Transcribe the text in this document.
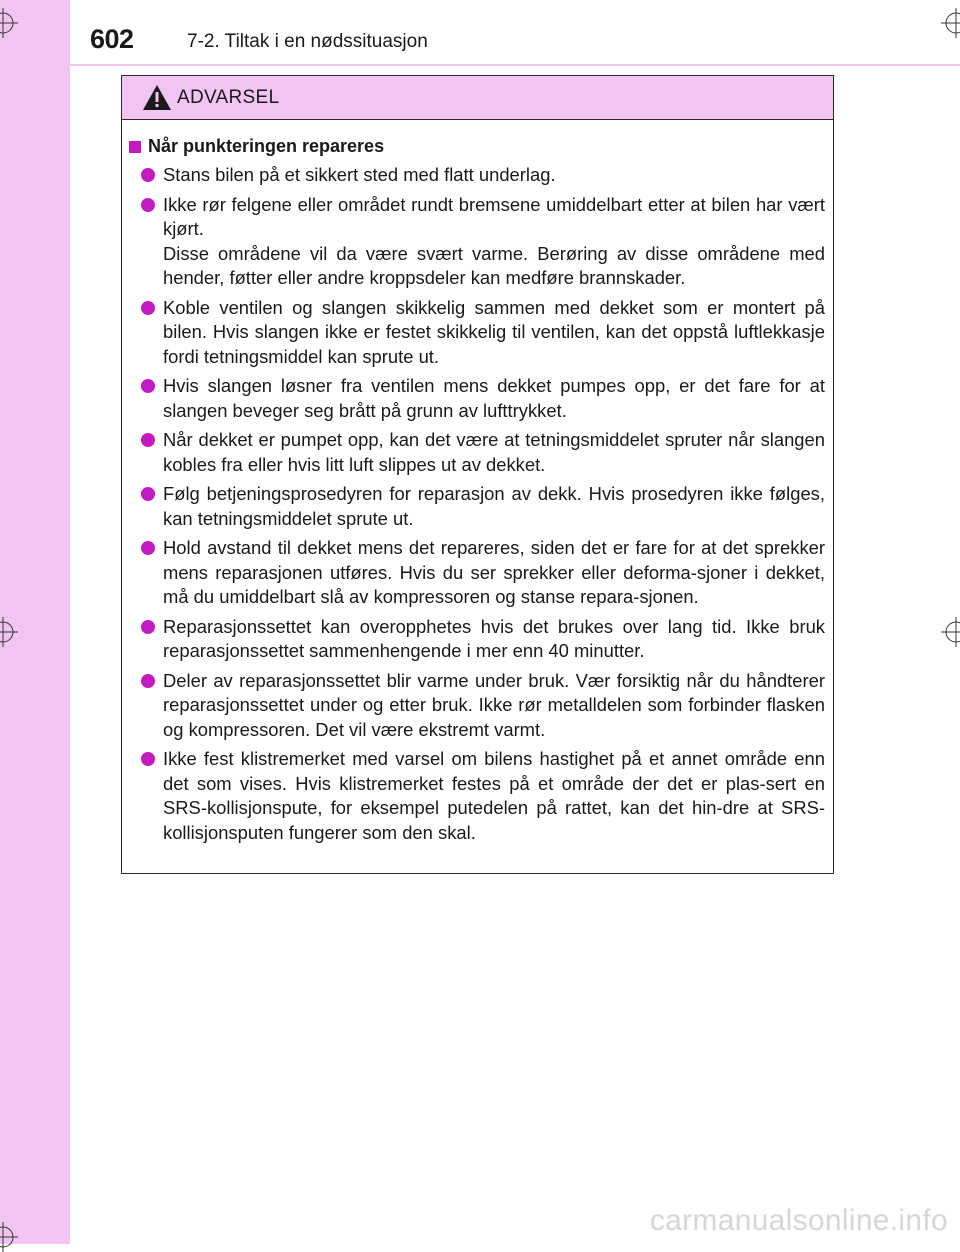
602	7-2. Tiltak i en nødssituasjon
ADVARSEL
Når punkteringen repareres
Stans bilen på et sikkert sted med flatt underlag.
Ikke rør felgene eller området rundt bremsene umiddelbart etter at bilen har vært kjørt.
Disse områdene vil da være svært varme. Berøring av disse områdene med hender, føtter eller andre kroppsdeler kan medføre brannskader.
Koble ventilen og slangen skikkelig sammen med dekket som er montert på bilen. Hvis slangen ikke er festet skikkelig til ventilen, kan det oppstå luftlekkasje fordi tetningsmiddel kan sprute ut.
Hvis slangen løsner fra ventilen mens dekket pumpes opp, er det fare for at slangen beveger seg brått på grunn av lufttrykket.
Når dekket er pumpet opp, kan det være at tetningsmiddelet spruter når slangen kobles fra eller hvis litt luft slippes ut av dekket.
Følg betjeningsprosedyren for reparasjon av dekk. Hvis prosedyren ikke følges, kan tetningsmiddelet sprute ut.
Hold avstand til dekket mens det repareres, siden det er fare for at det sprekker mens reparasjonen utføres. Hvis du ser sprekker eller deforma-sjoner i dekket, må du umiddelbart slå av kompressoren og stanse repara-sjonen.
Reparasjonssettet kan overopphetes hvis det brukes over lang tid. Ikke bruk reparasjonssettet sammenhengende i mer enn 40 minutter.
Deler av reparasjonssettet blir varme under bruk. Vær forsiktig når du håndterer reparasjonssettet under og etter bruk. Ikke rør metalldelen som forbinder flasken og kompressoren. Det vil være ekstremt varmt.
Ikke fest klistremerket med varsel om bilens hastighet på et annet område enn det som vises. Hvis klistremerket festes på et område der det er plas-sert en SRS-kollisjonspute, for eksempel putedelen på rattet, kan det hin-dre at SRS-kollisjonsputen fungerer som den skal.
carmanualsonline.info
